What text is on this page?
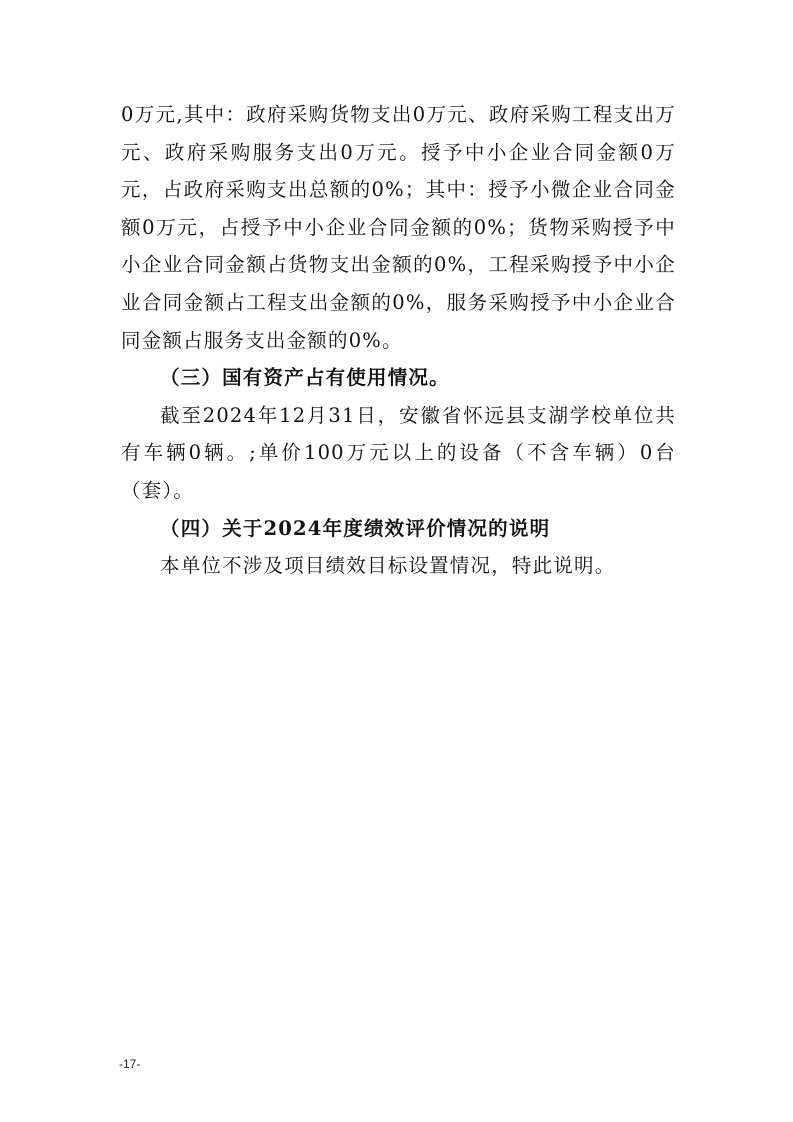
0万元,其中：政府采购货物支出0万元、政府采购工程支出万元、政府采购服务支出0万元。授予中小企业合同金额0万元，占政府采购支出总额的0%；其中：授予小微企业合同金额0万元，占授予中小企业合同金额的0%；货物采购授予中小企业合同金额占货物支出金额的0%，工程采购授予中小企业合同金额占工程支出金额的0%，服务采购授予中小企业合同金额占服务支出金额的0%。

（三）国有资产占有使用情况。

截至2024年12月31日，安徽省怀远县支湖学校单位共有车辆0辆。;单价100万元以上的设备（不含车辆）0台（套）。

（四）关于2024年度绩效评价情况的说明

本单位不涉及项目绩效目标设置情况，特此说明。

-17-
